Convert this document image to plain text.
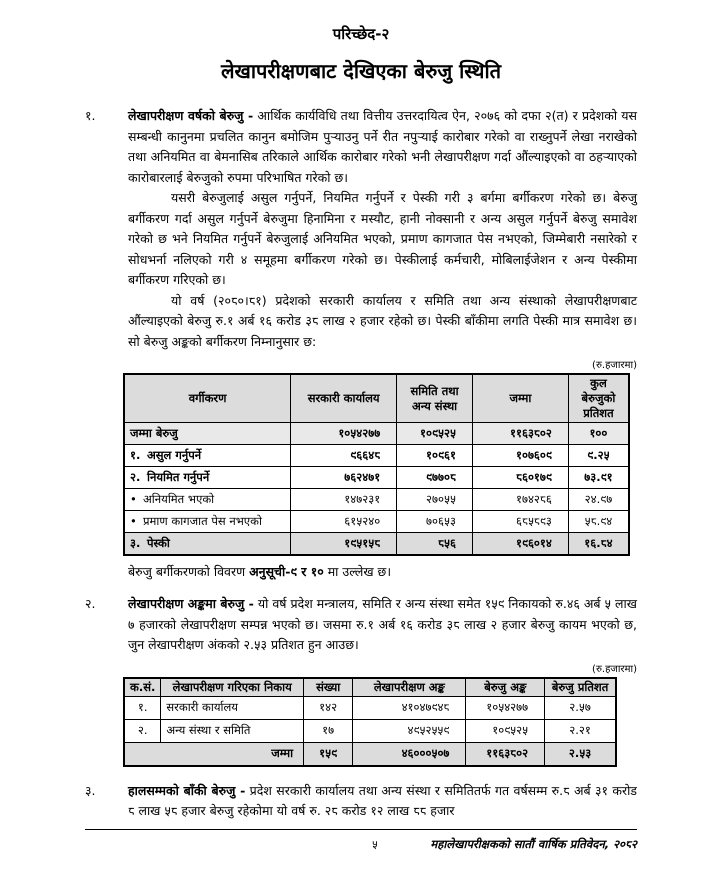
परिच्छेद-२
लेखापरीक्षणबाट देखिएका बेरुजु स्थिति
१.	लेखापरीक्षण वर्षको बेरुजु - आर्थिक कार्यविधि तथा वित्तीय उत्तरदायित्व ऐन, २०७६ को दफा २(त) र प्रदेशको यस सम्बन्धी कानुनमा प्रचलित कानुन बमोजिम पुऱ्याउनु पर्ने रीत नपुऱ्याई कारोबार गरेको वा राख्नुपर्ने लेखा नराखेको तथा अनियमित वा बेमनासिब तरिकाले आर्थिक कारोबार गरेको भनी लेखापरीक्षण गर्दा औंल्याइएको वा ठहऱ्याएको कारोबारलाई बेरुजुको रुपमा परिभाषित गरेको छ।

यसरी बेरुजुलाई असुल गर्नुपर्ने, नियमित गर्नुपर्ने र पेस्की गरी ३ बर्गमा बर्गीकरण गरेको छ। बेरुजु बर्गीकरण गर्दा असुल गर्नुपर्ने बेरुजुमा हिनामिना र मस्यौट, हानी नोक्सानी र अन्य असुल गर्नुपर्ने बेरुजु समावेश गरेको छ भने नियमित गर्नुपर्ने बेरुजुलाई अनियमित भएको, प्रमाण कागजात पेस नभएको, जिम्मेबारी नसारेको र सोधभर्ना नलिएको गरी ४ समूहमा बर्गीकरण गरेको छ। पेस्कीलाई कर्मचारी, मोबिलाईजेशन र अन्य पेस्कीमा बर्गीकरण गरिएको छ।

यो वर्ष (२०८०।८१) प्रदेशको सरकारी कार्यालय र समिति तथा अन्य संस्थाको लेखापरीक्षणबाट औंल्याइएको बेरुजु रु.१ अर्ब १६ करोड ३८ लाख २ हजार रहेको छ। पेस्की बाँकीमा लगति पेस्की मात्र समावेश छ। सो बेरुजु अङ्कको बर्गीकरण निम्नानुसार छ:

(रु.हजारमा)
वर्गीकरण	सरकारी कार्यालय	समिति तथा अन्य संस्था	जम्मा	कुल बेरुजुको प्रतिशत
जम्मा बेरुजु	१०५४२७७	१०९५२५	११६३८०२	१००
१. असुल गर्नुपर्ने	९६६४८	१०९६१	१०७६०९	९.२५
२. नियमित गर्नुपर्ने	७६२४७१	९७७०८	८६०१७९	७३.९१
• अनियमित भएको	१४७२३१	२७०५५	१७४२८६	२४.९७
• प्रमाण कागजात पेस नभएको	६१५२४०	७०६५३	६८५८९३	५८.९४
३. पेस्की	१९५१५८	८५६	१९६०१४	१६.८४
बेरुजु बर्गीकरणको विवरण अनुसूची-९ र १० मा उल्लेख छ।
२.	लेखापरीक्षण अङ्कमा बेरुजु - यो वर्ष प्रदेश मन्त्रालय, समिति र अन्य संस्था समेत १५९ निकायको रु.४६ अर्ब ५ लाख ७ हजारको लेखापरीक्षण सम्पन्न भएको छ। जसमा रु.१ अर्ब १६ करोड ३८ लाख २ हजार बेरुजु कायम भएको छ, जुन लेखापरीक्षण अंकको २.५३ प्रतिशत हुन आउछ।

(रु.हजारमा)
क.सं.	लेखापरीक्षण गरिएका निकाय	संख्या	लेखापरीक्षण अङ्क	बेरुजु अङ्क	बेरुजु प्रतिशत
१.	सरकारी कार्यालय	१४२	४१०४७९४८	१०५४२७७	२.५७
२.	अन्य संस्था र समिति	१७	४९५२५५९	१०९५२५	२.२१
जम्मा		१५९	४६०००५०७	११६३८०२	२.५३
३.	हालसम्मको बाँकी बेरुजु - प्रदेश सरकारी कार्यालय तथा अन्य संस्था र समितितर्फ गत वर्षसम्म रु.८ अर्ब ३१ करोड ८ लाख ५८ हजार बेरुजु रहेकोमा यो वर्ष रु. २८ करोड १२ लाख ८८ हजार

५	महालेखापरीक्षकको सातौं वार्षिक प्रतिवेदन, २०८२
